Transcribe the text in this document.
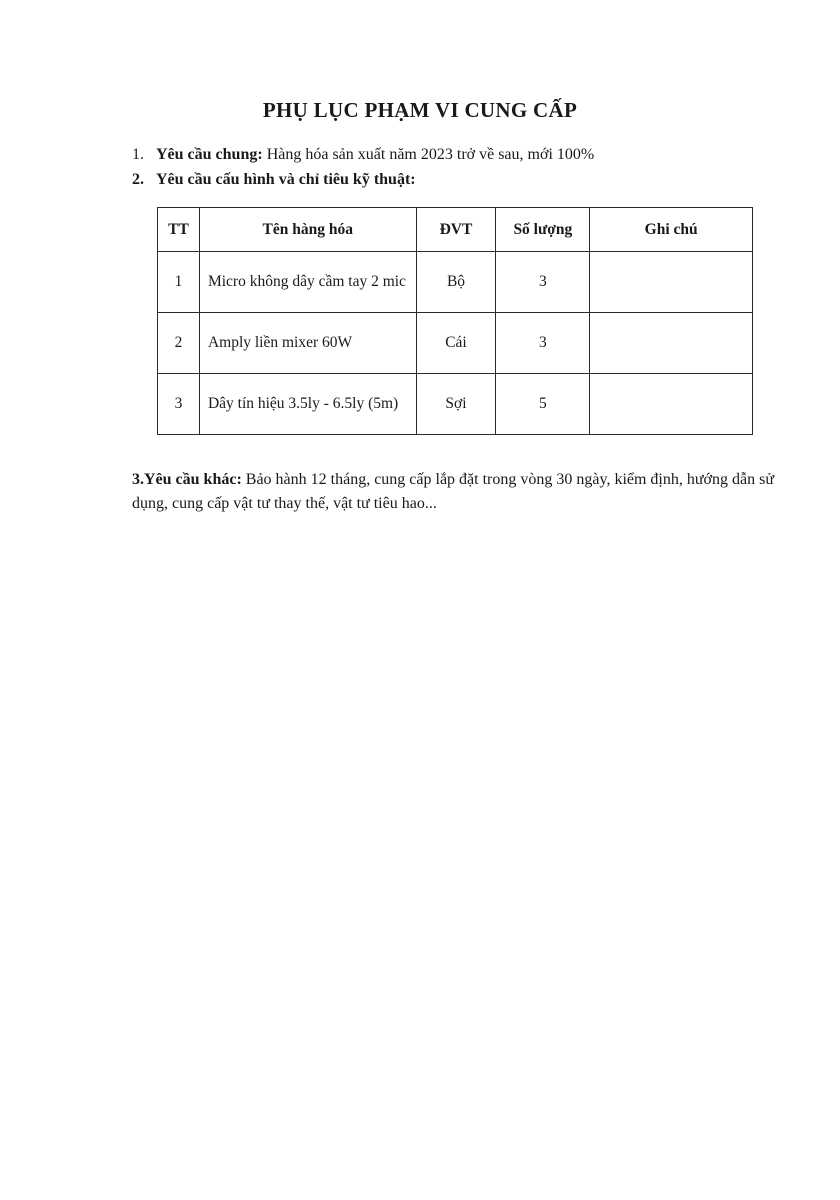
PHỤ LỤC PHẠM VI CUNG CẤP
1. Yêu cầu chung: Hàng hóa sản xuất năm 2023 trở về sau, mới 100%
2. Yêu cầu cấu hình và chỉ tiêu kỹ thuật:
TT	Tên hàng hóa	ĐVT	Số lượng	Ghi chú
1	Micro không dây cầm tay 2 mic	Bộ	3	
2	Amply liền mixer 60W	Cái	3	
3	Dây tín hiệu 3.5ly - 6.5ly (5m)	Sợi	5	
3.Yêu cầu khác: Bảo hành 12 tháng, cung cấp lắp đặt trong vòng 30 ngày, kiểm định, hướng dẫn sử dụng, cung cấp vật tư thay thế, vật tư tiêu hao...
